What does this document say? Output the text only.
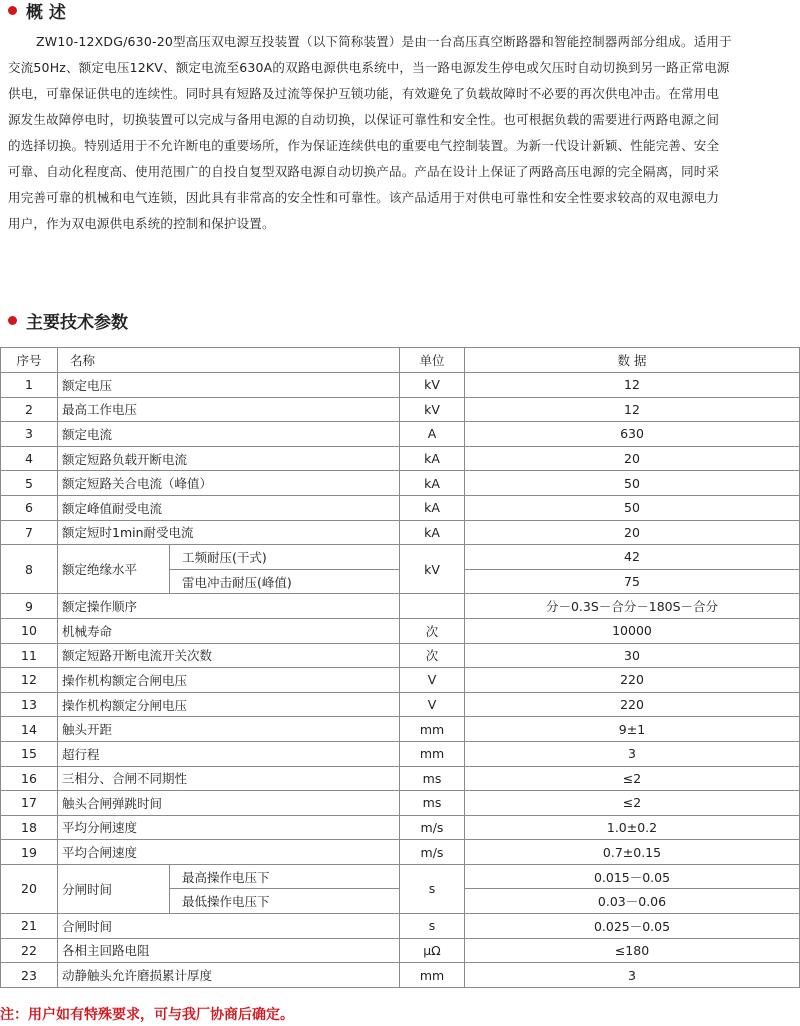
概 述
ZW10-12XDG/630-20型高压双电源互投装置（以下简称装置）是由一台高压真空断路器和智能控制器两部分组成。适用于
交流50Hz、额定电压12KV、额定电流至630A的双路电源供电系统中，当一路电源发生停电或欠压时自动切换到另一路正常电源
供电，可靠保证供电的连续性。同时具有短路及过流等保护互锁功能，有效避免了负载故障时不必要的再次供电冲击。在常用电
源发生故障停电时，切换装置可以完成与备用电源的自动切换，以保证可靠性和安全性。也可根据负载的需要进行两路电源之间
的选择切换。特别适用于不允许断电的重要场所，作为保证连续供电的重要电气控制装置。为新一代设计新颖、性能完善、安全
可靠、自动化程度高、使用范围广的自投自复型双路电源自动切换产品。产品在设计上保证了两路高压电源的完全隔离，同时采
用完善可靠的机械和电气连锁，因此具有非常高的安全性和可靠性。该产品适用于对供电可靠性和安全性要求较高的双电源电力
用户，作为双电源供电系统的控制和保护设置。
主要技术参数
序号	名称		单位	数 据
1	额定电压		kV	12
2	最高工作电压		kV	12
3	额定电流		A	630
4	额定短路负载开断电流		kA	20
5	额定短路关合电流（峰值）		kA	50
6	额定峰值耐受电流		kA	50
7	额定短时1min耐受电流		kA	20
8	额定绝缘水平	工频耐压(干式)	kV	42
		雷电冲击耐压(峰值)		75
9	额定操作顺序			分－0.3S－合分－180S－合分
10	机械寿命		次	10000
11	额定短路开断电流开关次数		次	30
12	操作机构额定合闸电压		V	220
13	操作机构额定分闸电压		V	220
14	触头开距		mm	9±1
15	超行程		mm	3
16	三相分、合闸不同期性		ms	≤2
17	触头合闸弹跳时间		ms	≤2
18	平均分闸速度		m/s	1.0±0.2
19	平均合闸速度		m/s	0.7±0.15
20	分闸时间	最高操作电压下	s	0.015－0.05
		最低操作电压下		0.03－0.06
21	合闸时间		s	0.025－0.05
22	各相主回路电阻		μΩ	≤180
23	动静触头允许磨损累计厚度		mm	3
注：用户如有特殊要求，可与我厂协商后确定。
